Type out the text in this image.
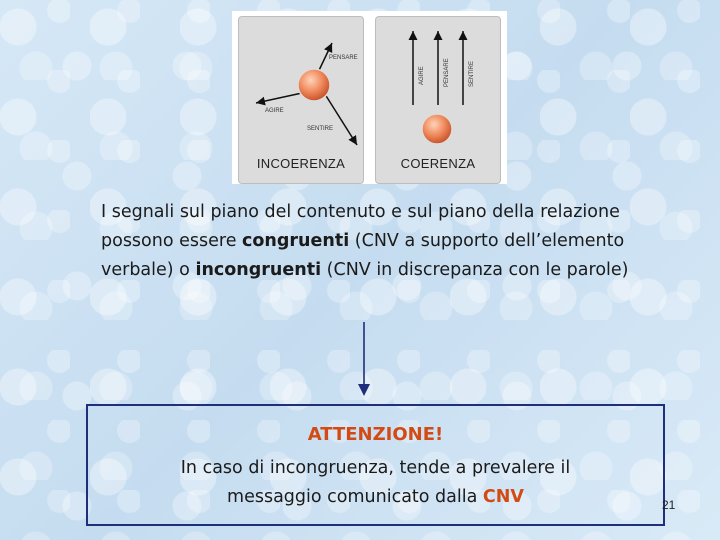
PENSARE
AGIRE
SENTIRE
INCOERENZA
AGIRE	PENSARE	SENTIRE
COERENZA

I segnali sul piano del contenuto e sul piano della relazione possono essere congruenti (CNV a supporto dell’elemento verbale) o incongruenti (CNV in discrepanza con le parole)

ATTENZIONE!
In caso di incongruenza, tende a prevalere il
messaggio comunicato dalla CNV	21
